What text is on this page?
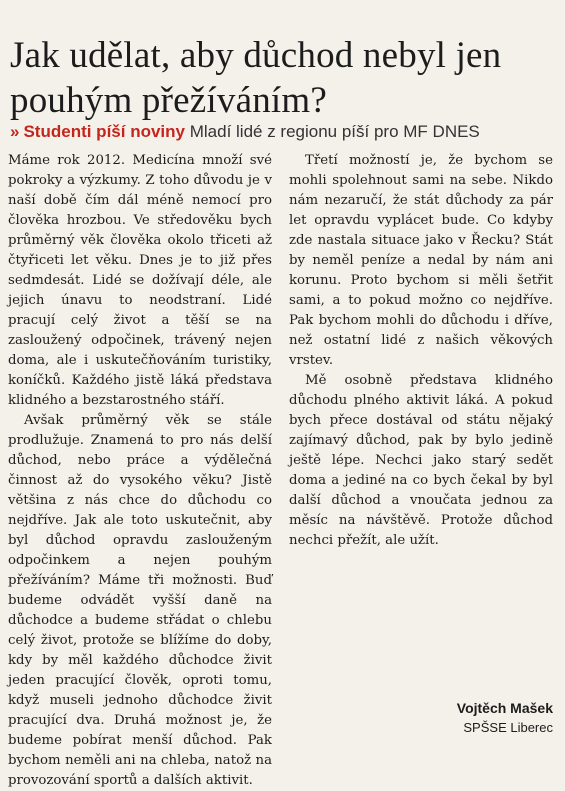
Jak udělat, aby důchod nebyl jen pouhým přežíváním?
» Studenti píší noviny Mladí lidé z regionu píší pro MF DNES

Máme rok 2012. Medicína množí své pokroky a výzkumy. Z toho důvodu je v naší době čím dál méně nemocí pro člověka hrozbou. Ve středověku bych průměrný věk člověka okolo třiceti až čtyřiceti let věku. Dnes je to již přes sedmdesát. Lidé se dožívají déle, ale jejich únavu to neodstraní. Lidé pracují celý život a těší se na zasloužený odpočinek, trávený nejen doma, ale i uskutečňováním turistiky, koníčků. Každého jistě láká představa klidného a bezstarostného stáří.

Avšak průměrný věk se stále prodlužuje. Znamená to pro nás delší důchod, nebo práce a výdělečná činnost až do vysokého věku? Jistě většina z nás chce do důchodu co nejdříve. Jak ale toto uskutečnit, aby byl důchod opravdu zaslouženým odpočinkem a nejen pouhým přežíváním? Máme tři možnosti. Buď budeme odvádět vyšší daně na důchodce a budeme střádat o chlebu celý život, protože se blížíme do doby, kdy by měl každého důchodce živit jeden pracující člověk, oproti tomu, když museli jednoho důchodce živit pracující dva. Druhá možnost je, že budeme pobírat menší důchod. Pak bychom neměli ani na chleba, natož na provozování sportů a dalších aktivit.

Třetí možností je, že bychom se mohli spolehnout sami na sebe. Nikdo nám nezaručí, že stát důchody za pár let opravdu vyplácet bude. Co kdyby zde nastala situace jako v Řecku? Stát by neměl peníze a nedal by nám ani korunu. Proto bychom si měli šetřit sami, a to pokud možno co nejdříve. Pak bychom mohli do důchodu i dříve, než ostatní lidé z našich věkových vrstev.

Mě osobně představa klidného důchodu plného aktivit láká. A pokud bych přece dostával od státu nějaký zajímavý důchod, pak by bylo jedině ještě lépe. Nechci jako starý sedět doma a jediné na co bych čekal by byl další důchod a vnoučata jednou za měsíc na návštěvě. Protože důchod nechci přežít, ale užít.

Vojtěch Mašek
SPŠSE Liberec
